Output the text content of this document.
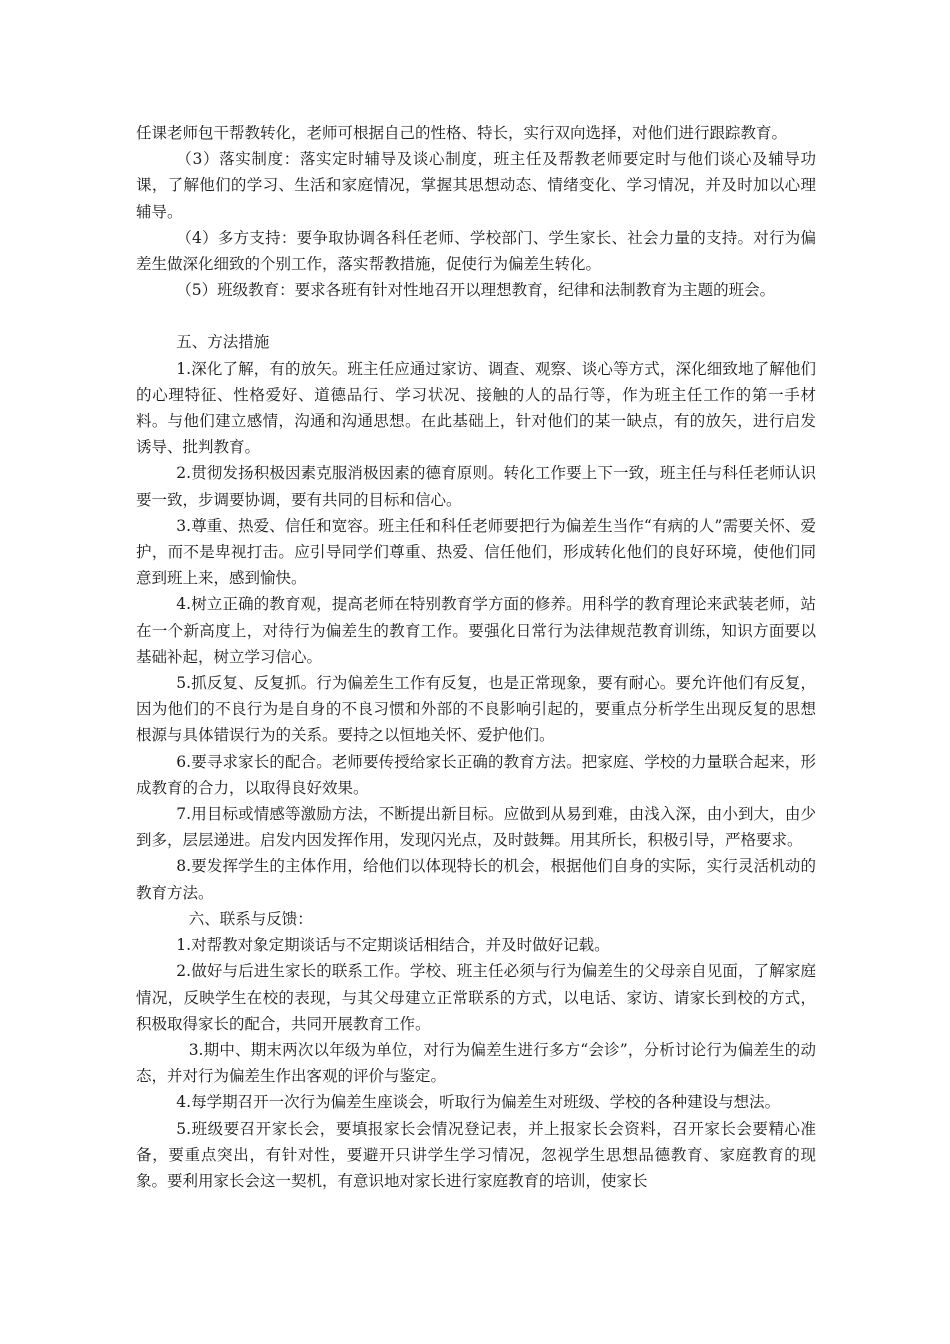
任课老师包干帮教转化，老师可根据自己的性格、特长，实行双向选择，对他们进行跟踪教育。

（3）落实制度：落实定时辅导及谈心制度，班主任及帮教老师要定时与他们谈心及辅导功课，了解他们的学习、生活和家庭情况，掌握其思想动态、情绪变化、学习情况，并及时加以心理辅导。

（4）多方支持：要争取协调各科任老师、学校部门、学生家长、社会力量的支持。对行为偏差生做深化细致的个别工作，落实帮教措施，促使行为偏差生转化。

（5）班级教育：要求各班有针对性地召开以理想教育，纪律和法制教育为主题的班会。

五、方法措施

1.深化了解，有的放矢。班主任应通过家访、调查、观察、谈心等方式，深化细致地了解他们的心理特征、性格爱好、道德品行、学习状况、接触的人的品行等，作为班主任工作的第一手材料。与他们建立感情，沟通和沟通思想。在此基础上，针对他们的某一缺点，有的放矢，进行启发诱导、批判教育。

2.贯彻发扬积极因素克服消极因素的德育原则。转化工作要上下一致，班主任与科任老师认识要一致，步调要协调，要有共同的目标和信心。

3.尊重、热爱、信任和宽容。班主任和科任老师要把行为偏差生当作“有病的人”需要关怀、爱护，而不是卑视打击。应引导同学们尊重、热爱、信任他们，形成转化他们的良好环境，使他们同意到班上来，感到愉快。

4.树立正确的教育观，提高老师在特别教育学方面的修养。用科学的教育理论来武装老师，站在一个新高度上，对待行为偏差生的教育工作。要强化日常行为法律规范教育训练，知识方面要以基础补起，树立学习信心。

5.抓反复、反复抓。行为偏差生工作有反复，也是正常现象，要有耐心。要允许他们有反复，因为他们的不良行为是自身的不良习惯和外部的不良影响引起的，要重点分析学生出现反复的思想根源与具体错误行为的关系。要持之以恒地关怀、爱护他们。

6.要寻求家长的配合。老师要传授给家长正确的教育方法。把家庭、学校的力量联合起来，形成教育的合力，以取得良好效果。

7.用目标或情感等激励方法，不断提出新目标。应做到从易到难，由浅入深，由小到大，由少到多，层层递进。启发内因发挥作用，发现闪光点，及时鼓舞。用其所长，积极引导，严格要求。

8.要发挥学生的主体作用，给他们以体现特长的机会，根据他们自身的实际，实行灵活机动的教育方法。

六、联系与反馈：

1.对帮教对象定期谈话与不定期谈话相结合，并及时做好记载。

2.做好与后进生家长的联系工作。学校、班主任必须与行为偏差生的父母亲自见面，了解家庭情况，反映学生在校的表现，与其父母建立正常联系的方式，以电话、家访、请家长到校的方式，积极取得家长的配合，共同开展教育工作。

3.期中、期末两次以年级为单位，对行为偏差生进行多方“会诊”，分析讨论行为偏差生的动态，并对行为偏差生作出客观的评价与鉴定。

4.每学期召开一次行为偏差生座谈会，听取行为偏差生对班级、学校的各种建设与想法。

5.班级要召开家长会，要填报家长会情况登记表，并上报家长会资料，召开家长会要精心准备，要重点突出，有针对性，要避开只讲学生学习情况，忽视学生思想品德教育、家庭教育的现象。要利用家长会这一契机，有意识地对家长进行家庭教育的培训，使家长
